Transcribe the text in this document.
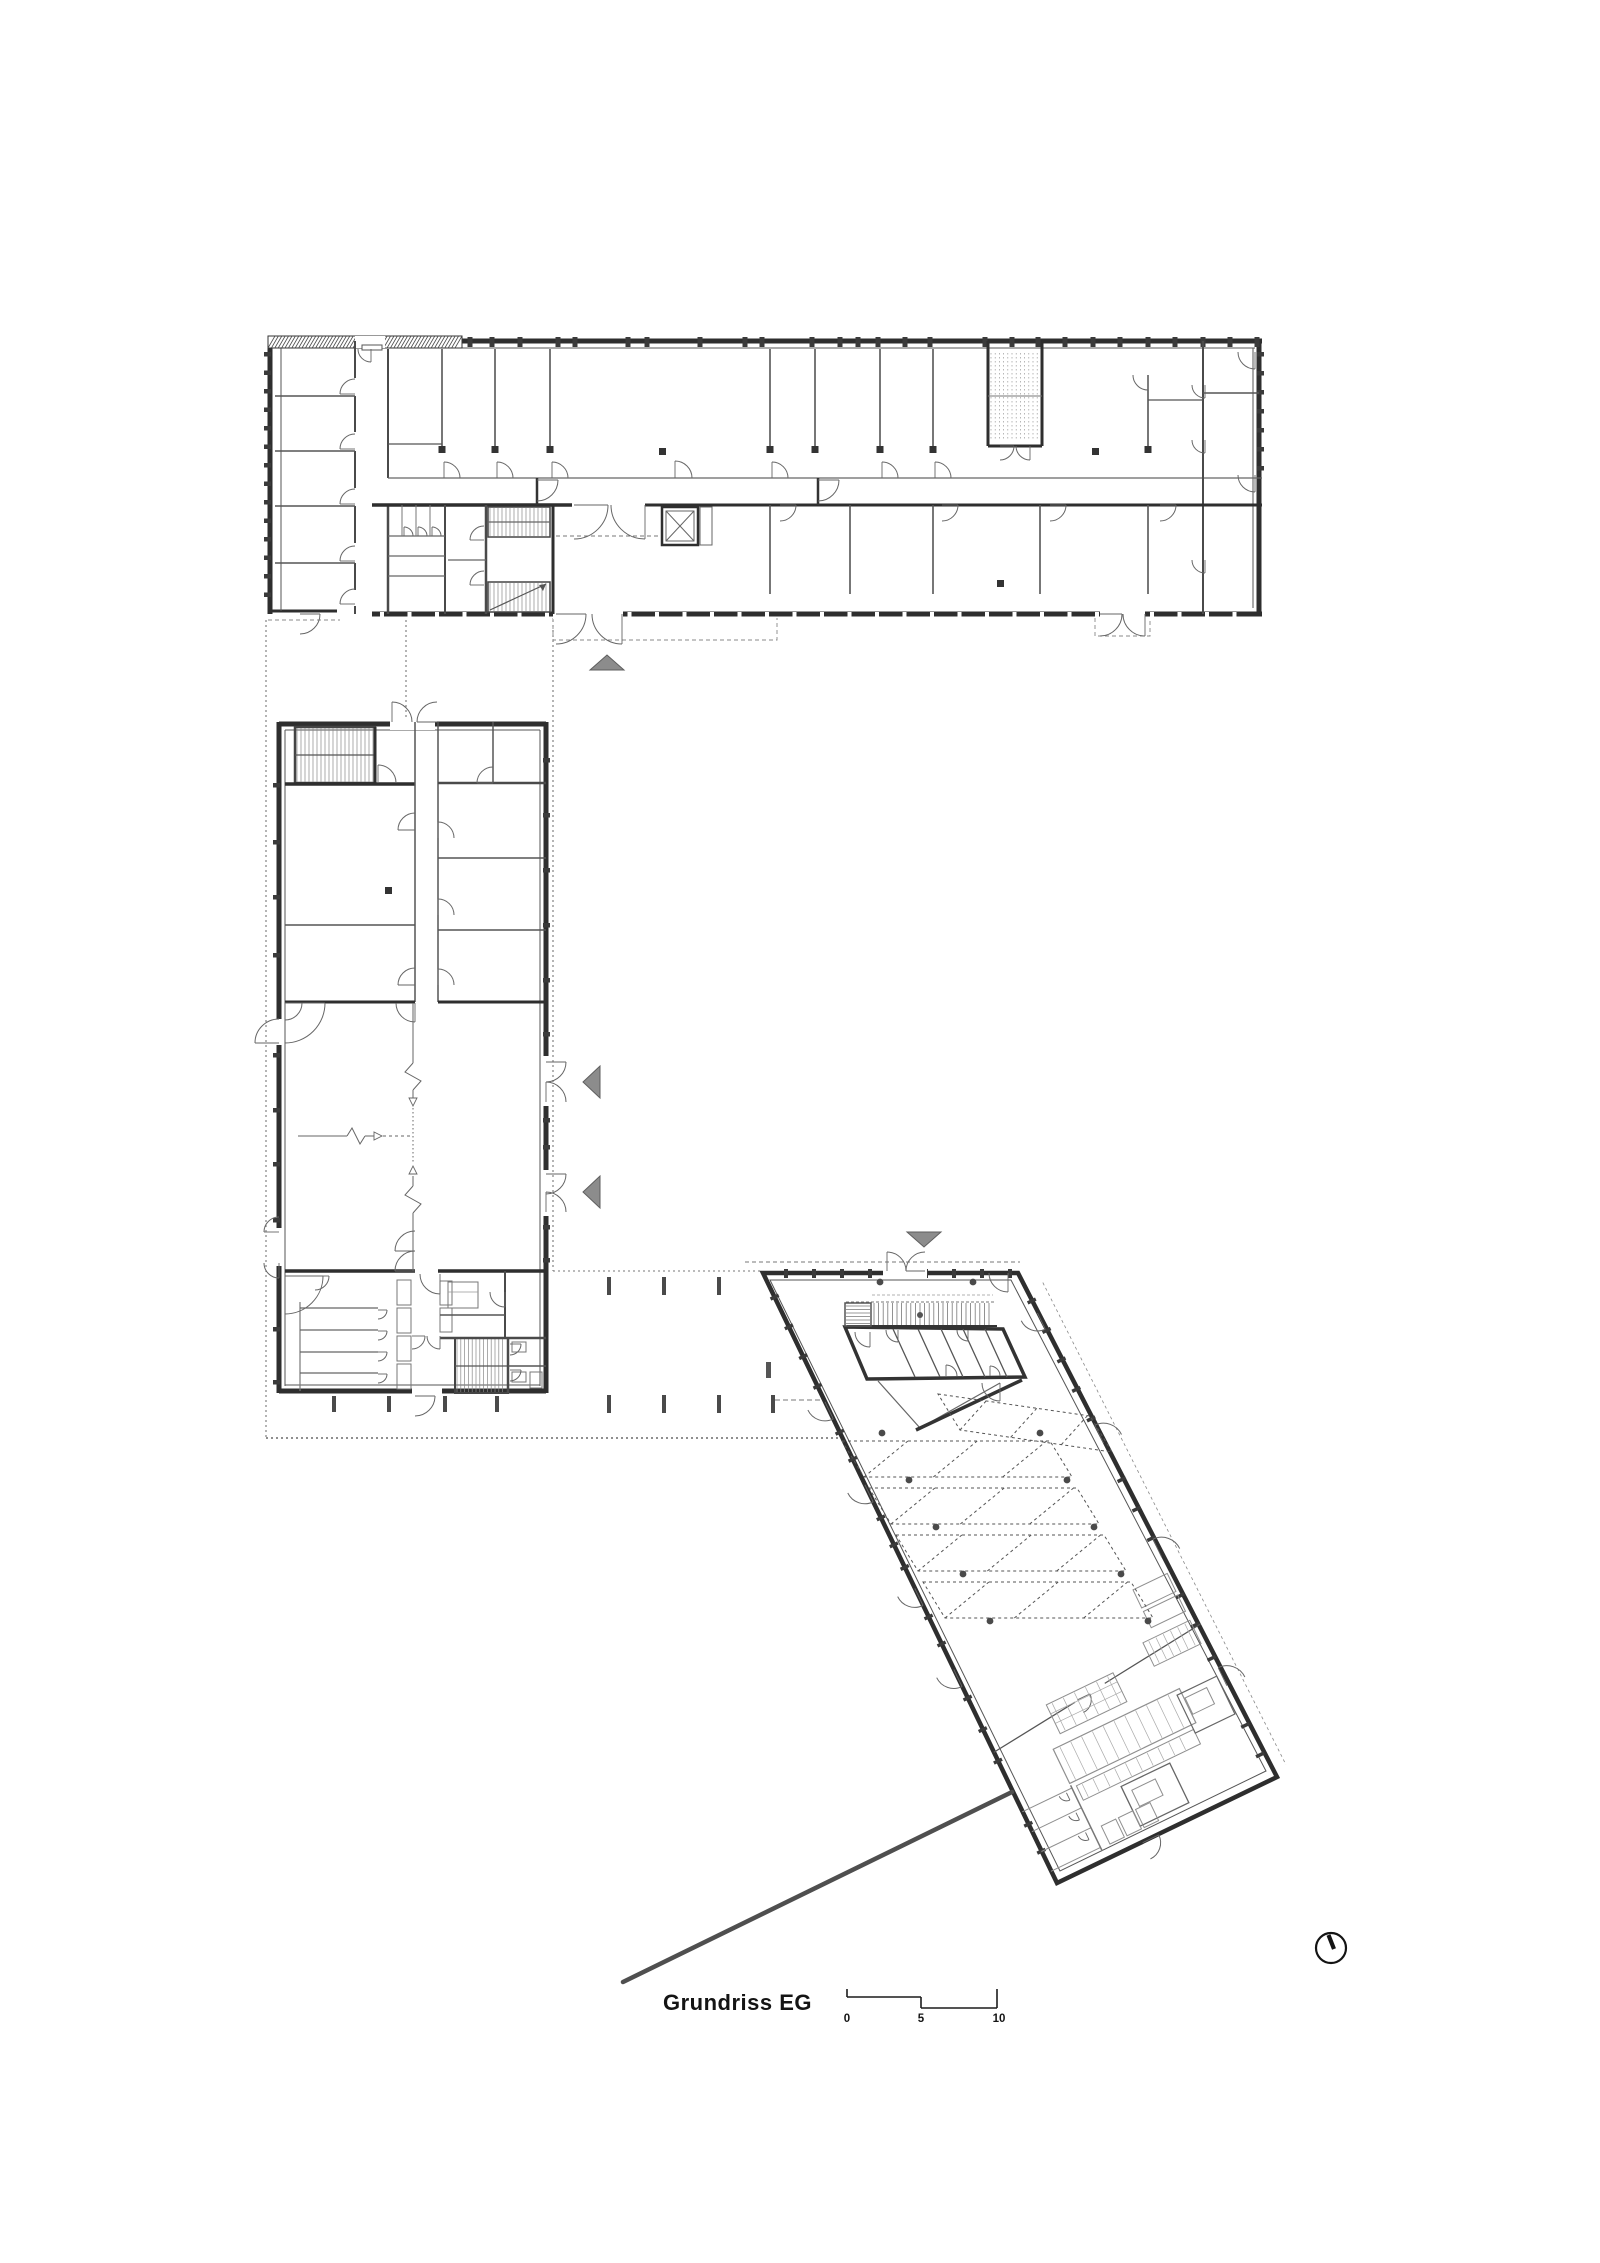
Grundriss EG
0	5	10
